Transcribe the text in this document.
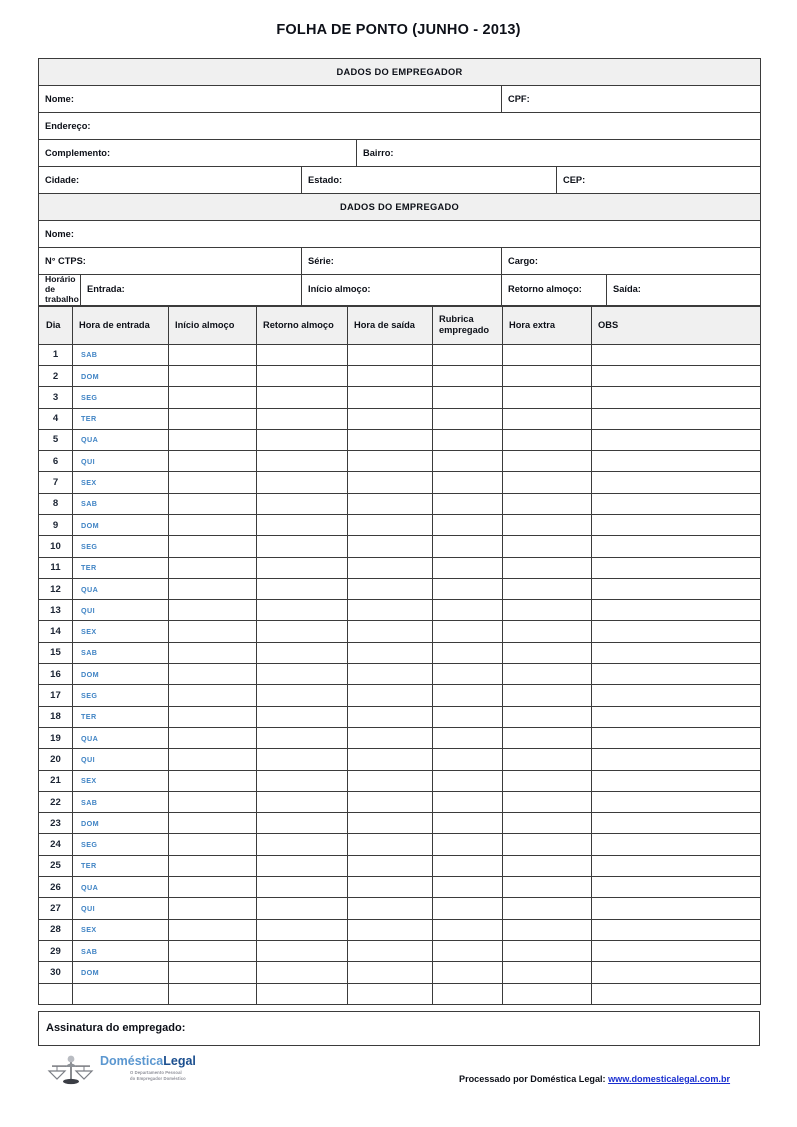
FOLHA DE PONTO (JUNHO - 2013)
DADOS DO EMPREGADOR						

Nome:				CPF:		

Endereço:						

Complemento:			Bairro:			

Cidade:		Estado:			CEP:	

DADOS DO EMPREGADO						

Nome:						

N° CTPS:		Série:		Cargo:		

Horário de trabalho	Entrada:	Início almoço:		Retorno almoço:		Saída:
Dia	Hora de entrada	Início almoço	Retorno almoço	Hora de saída	Rubrica empregado	Hora extra	OBS

1	SAB						

2	DOM						

3	SEG						

4	TER						

5	QUA						

6	QUI						

7	SEX						

8	SAB						

9	DOM						

10	SEG						

11	TER						

12	QUA						

13	QUI						

14	SEX						

15	SAB						

16	DOM						

17	SEG						

18	TER						

19	QUA						

20	QUI						

21	SEX						

22	SAB						

23	DOM						

24	SEG						

25	TER						

26	QUA						

27	QUI						

28	SEX						

29	SAB						

30	DOM						

Assinatura do empregado:
DomésticaLegal
O Departamento Pessoal
do Empregador Doméstico	Processado por Doméstica Legal: www.domesticalegal.com.br
